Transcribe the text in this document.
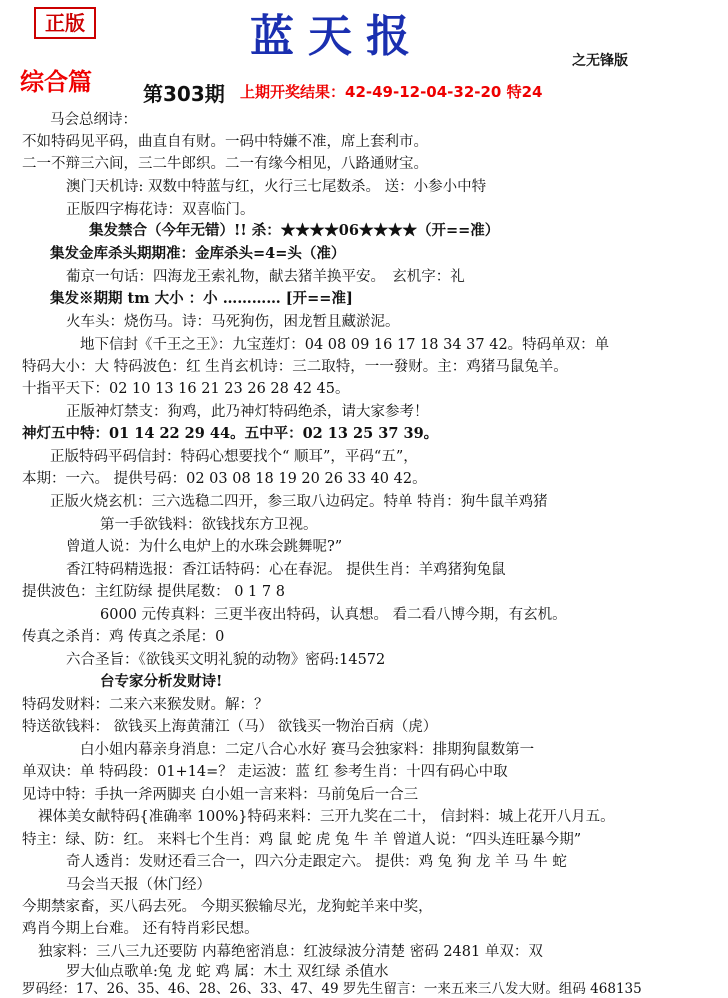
正版	蓝天报	之无锋版
综合篇	第303期 上期开奖结果：42-49-12-04-32-20 特24
马会总纲诗：
不如特码见平码，曲直自有财。一码中特嫌不准，席上套利市。
二一不辩三六间，三二牛郎织。二一有缘今相见，八路通财宝。
澳门天机诗: 双数中特蓝与红，火行三七尾数杀。 送：小参小中特
正版四字梅花诗：双喜临门。
集发禁合（今年无错）!! 杀：★★★★06★★★★（开==准）
集发金库杀头期期准：金库杀头=4=头（准）
葡京一句话：四海龙王索礼物，献去猪羊换平安。　玄机字：礼
集发※期期 tm 大小 ：小 ………… [开==准]
火车头：烧伤马。诗：马死狗伤，困龙暂且藏淤泥。
地下信封《千王之王》：九宝莲灯：04 08 09 16 17 18 34 37 42。特码单双：单
特码大小：大 特码波色：红 生肖玄机诗：三二取特，一一發财。主：鸡猪马鼠兔羊。
十指平天下：02 10 13 16 21 23 26 28 42 45。
正版神灯禁支：狗鸡，此乃神灯特码绝杀，请大家参考！
神灯五中特：01 14 22 29 44。五中平：02 13 25 37 39。
正版特码平码信封：特码心想要找个“ 顺耳”，平码“五”，
本期：一六。 提供号码：02 03 08 18 19 20 26 33 40 42。
正版火烧玄机：三六选稳二四开，参三取八边码定。特单 特肖：狗牛鼠羊鸡猪
第一手欲钱料：欲钱找东方卫视。
曾道人说：为什么电炉上的水珠会跳舞呢?”
香江特码精选报：香江话特码：心在春泥。 提供生肖：羊鸡猪狗兔鼠
提供波色：主红防绿 提供尾数： 0 1 7 8
6000 元传真料：三更半夜出特码，认真想。 看二看八博今期，有玄机。
传真之杀肖：鸡 传真之杀尾：0
六合圣旨：《欲钱买文明礼貌的动物》密码:14572
台专家分析发财诗!
特码发财料：二来六来猴发财。解：？
特送欲钱料： 欲钱买上海黄蒲江（马） 欲钱买一物治百病（虎）
白小姐内幕亲身消息：二定八合心水好 赛马会独家料：排期狗鼠数第一
单双诀：单 特码段：01+14=？ 走运波：蓝 红 参考生肖：十四有码心中取
见诗中特：手执一斧两脚夹 白小姐一言来料：马前兔后一合三
裸体美女献特码{准确率 100%}特码来料：三开九奖在二十， 信封料：城上花开八月五。
特主：绿、防：红。 来料七个生肖：鸡 鼠 蛇 虎 兔 牛 羊 曾道人说：“四头连旺暴今期”
奇人透肖：发财还看三合一，四六分走跟定六。 提供：鸡 兔 狗 龙 羊 马 牛 蛇
马会当天报（休门经）
今期禁家畜，买八码去死。 今期买猴输尽光，龙狗蛇羊来中奖，
鸡肖今期上台难。 还有特肖彩民想。
独家料：三八三九还要防 内幕绝密消息：红波绿波分清楚 密码 2481 单双：双
罗大仙点歌单:兔 龙 蛇 鸡 属：木土 双红绿 杀值水
罗码经：17、26、35、46、28、26、33、47、49 罗先生留言：一来五来三八发大财。组码 468135
